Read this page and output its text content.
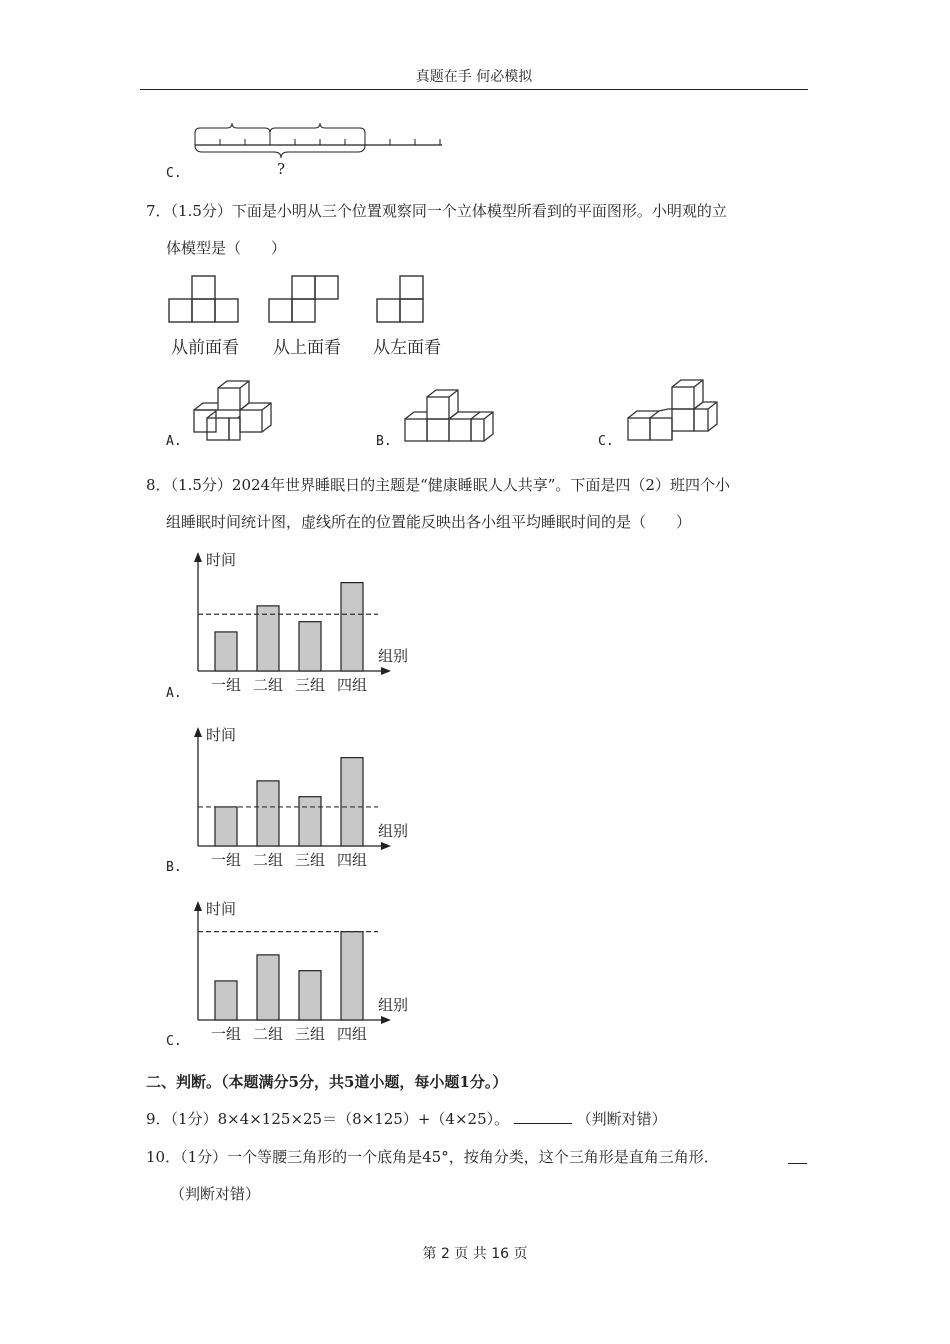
真题在手 何必模拟
?
C.
7．（1.5分）下面是小明从三个位置观察同一个立体模型所看到的平面图形。小明观的立
体模型是（　　）
从前面看 从上面看 从左面看
A.	B.	C.
8．（1.5分）2024年世界睡眠日的主题是“健康睡眠人人共享”。下面是四（2）班四个小
组睡眠时间统计图，虚线所在的位置能反映出各小组平均睡眠时间的是（　　）
时间
组别
一组 二组 三组 四组
时间
组别
一组 二组 三组 四组
时间
组别
一组 二组 三组 四组
A.
B.
C.
二、判断。（本题满分5分，共5道小题，每小题1分。）
9．（1分）8×4×125×25＝（8×125）+（4×25）。	（判断对错）
10．（1分）一个等腰三角形的一个底角是45°，按角分类，这个三角形是直角三角形．
（判断对错）
第 2 页 共 16 页
